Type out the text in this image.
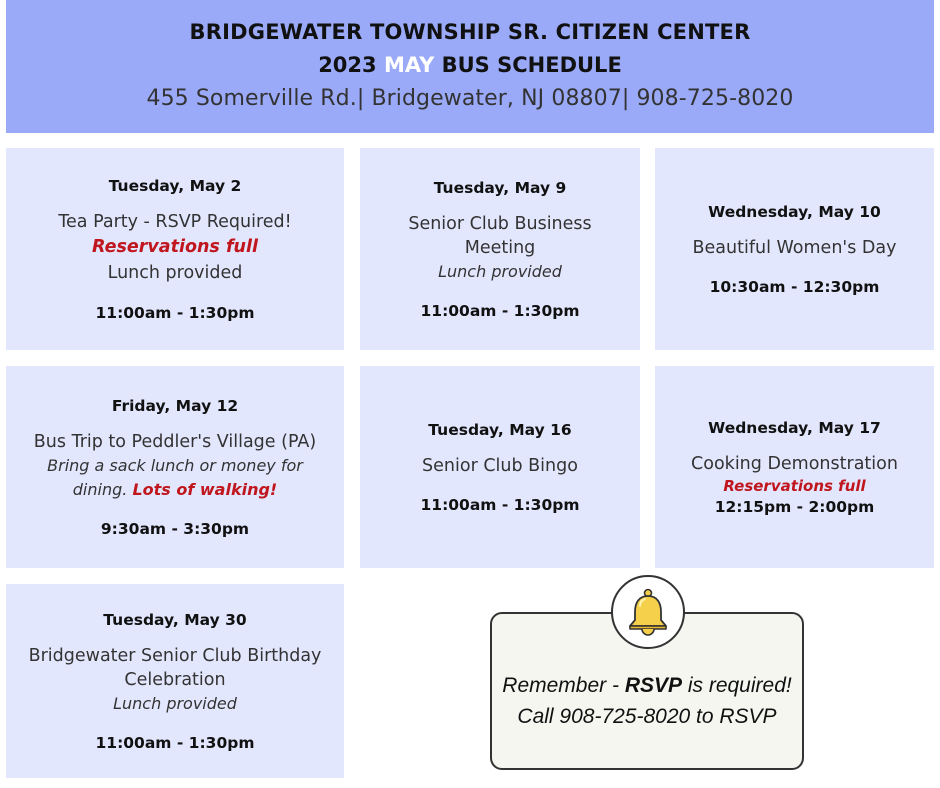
BRIDGEWATER TOWNSHIP SR. CITIZEN CENTER
2023 MAY BUS SCHEDULE
455 Somerville Rd.| Bridgewater, NJ 08807| 908-725-8020
Tuesday, May 2
Tea Party - RSVP Required!
Reservations full
Lunch provided
11:00am - 1:30pm
Tuesday, May 9
Senior Club Business Meeting
Lunch provided
11:00am - 1:30pm
Wednesday, May 10
Beautiful Women's Day
10:30am - 12:30pm
Friday, May 12
Bus Trip to Peddler's Village (PA)
Bring a sack lunch or money for
dining. Lots of walking!
9:30am - 3:30pm
Tuesday, May 16
Senior Club Bingo
11:00am - 1:30pm
Wednesday, May 17
Cooking Demonstration
Reservations full
12:15pm - 2:00pm
Tuesday, May 30
Bridgewater Senior Club Birthday
Celebration
Lunch provided
11:00am - 1:30pm
Remember - RSVP is required!
Call 908-725-8020 to RSVP
